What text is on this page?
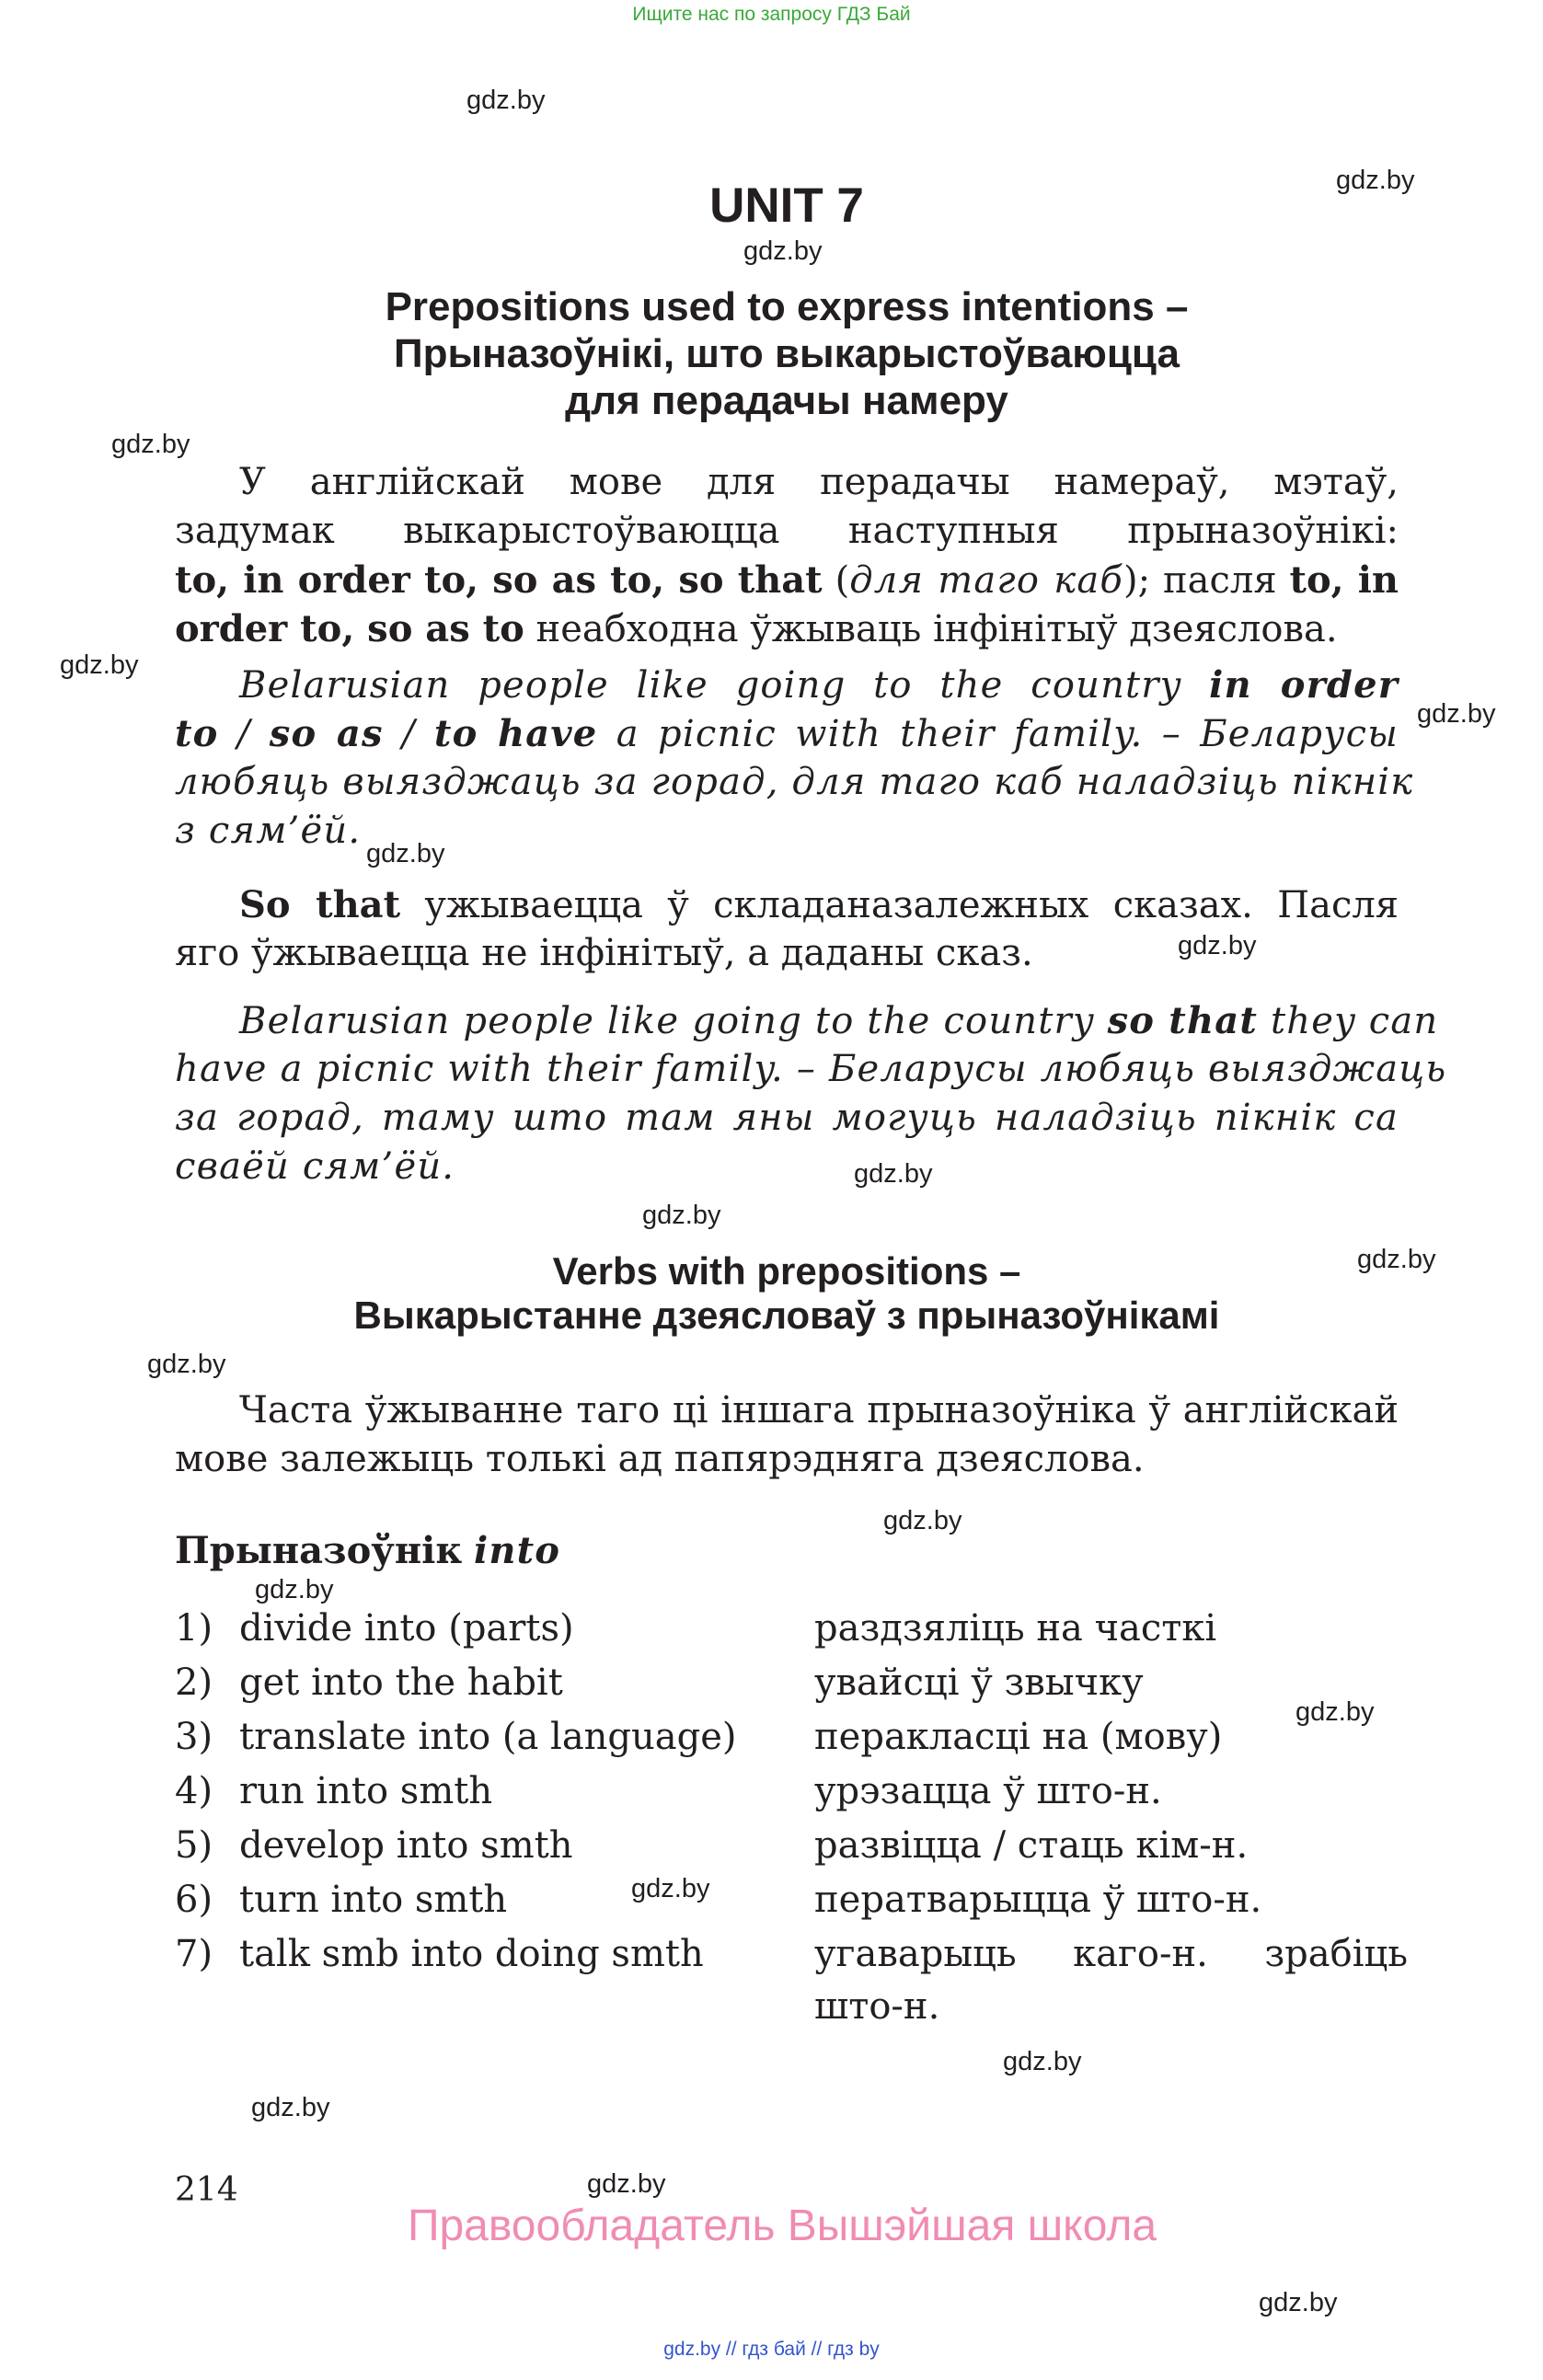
Ищите нас по запросу ГДЗ Бай
gdz.by
gdz.by
gdz.by
gdz.by
gdz.by
gdz.by
gdz.by
gdz.by
gdz.by
gdz.by
gdz.by
gdz.by
gdz.by
gdz.by
gdz.by
gdz.by
gdz.by
gdz.by
gdz.by
gdz.by
UNIT 7
Prepositions used to express intentions –
Прыназоўнікі, што выкарыстоўваюцца
для перадачы намеру
У англійскай мове для перадачы намераў, мэтаў,
задумак выкарыстоўваюцца наступныя прыназоўнікі:
to, in order to, so as to, so that (для таго каб); пасля to, in
order to, so as to неабходна ўжываць інфінітыў дзеяслова.
Belarusian people like going to the country in order
to / so as / to have a picnic with their family. – Беларусы
любяць выязджаць за горад, для таго каб наладзіць пікнік
з сям’ёй.
So that ужываецца ў складаназалежных сказах. Пасля
яго ўжываецца не інфінітыў, а даданы сказ.
Belarusian people like going to the country so that they can
have a picnic with their family. – Беларусы любяць выязджаць
за горад, таму што там яны могуць наладзіць пікнік са
сваёй сям’ёй.
Verbs with prepositions –
Выкарыстанне дзеясловаў з прыназоўнікамі
Часта ўжыванне таго ці іншага прыназоўніка ў англійскай
мове залежыць толькі ад папярэдняга дзеяслова.
Прыназоўнік into
1) divide into (parts)	раздзяліць на часткі
2) get into the habit	увайсці ў звычку
3) translate into (a language) перакласці на (мову)
4) run into smth	урэзацца ў што-н.
5) develop into smth	развіцца / стаць кім-н.
6) turn into smth	ператварыцца ў што-н.
7) talk smb into doing smth	угаварыць каго-н. зрабіць
што-н.
214
Правообладатель Вышэйшая школа
gdz.by // гдз бай // гдз by
